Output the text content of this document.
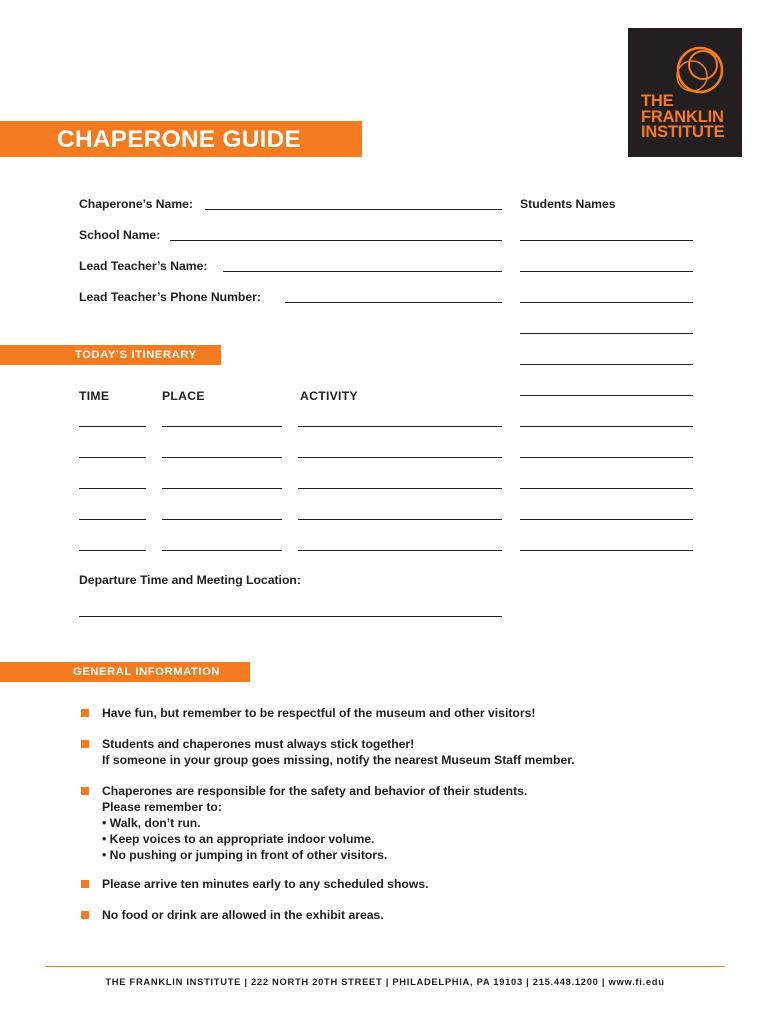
THE
FRANKLIN
INSTITUTE
CHAPERONE GUIDE
Chaperone’s Name:
School Name:
Lead Teacher’s Name:
Lead Teacher’s Phone Number:
Students Names
TODAY’S ITINERARY
TIME	PLACE	ACTIVITY
Departure Time and Meeting Location:
GENERAL INFORMATION
Have fun, but remember to be respectful of the museum and other visitors!
Students and chaperones must always stick together!
If someone in your group goes missing, notify the nearest Museum Staff member.
Chaperones are responsible for the safety and behavior of their students.
Please remember to:
• Walk, don’t run.
• Keep voices to an appropriate indoor volume.
• No pushing or jumping in front of other visitors.
Please arrive ten minutes early to any scheduled shows.
No food or drink are allowed in the exhibit areas.
THE FRANKLIN INSTITUTE | 222 NORTH 20TH STREET | PHILADELPHIA, PA 19103 | 215.448.1200 | www.fi.edu
